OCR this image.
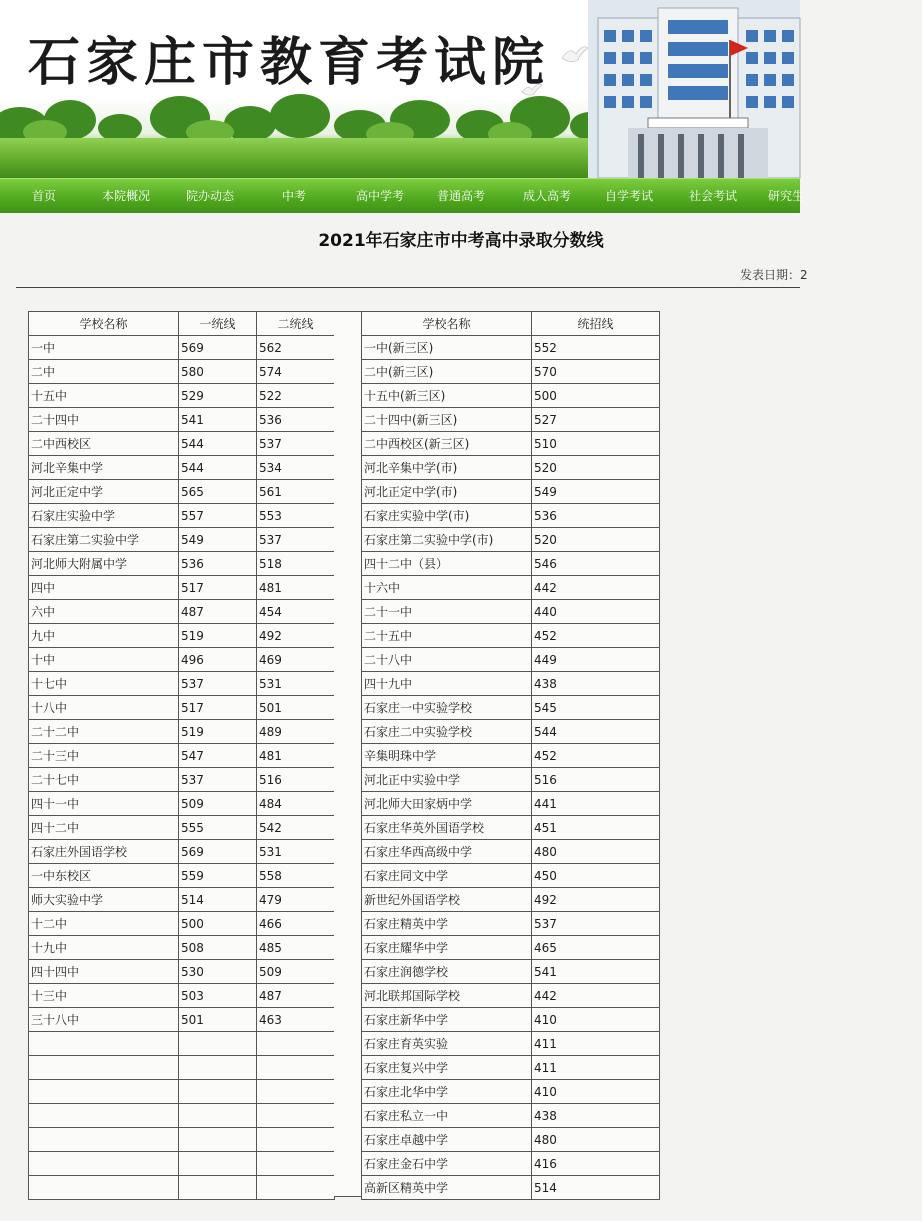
石家庄市教育考试院
首页	本院概况	院办动态	中考	高中学考	普通高考	成人高考	自学考试	社会考试	研究生
2021年石家庄市中考高中录取分数线
发表日期：2
学校名称	一统线	二统线
一中	569	562
二中	580	574
十五中	529	522
二十四中	541	536
二中西校区	544	537
河北辛集中学	544	534
河北正定中学	565	561
石家庄实验中学	557	553
石家庄第二实验中学	549	537
河北师大附属中学	536	518
四中	517	481
六中	487	454
九中	519	492
十中	496	469
十七中	537	531
十八中	517	501
二十二中	519	489
二十三中	547	481
二十七中	537	516
四十一中	509	484
四十二中	555	542
石家庄外国语学校	569	531
一中东校区	559	558
师大实验中学	514	479
十二中	500	466
十九中	508	485
四十四中	530	509
十三中	503	487
三十八中	501	463

学校名称	统招线
一中(新三区)	552
二中(新三区)	570
十五中(新三区)	500
二十四中(新三区)	527
二中西校区(新三区)	510
河北辛集中学(市)	520
河北正定中学(市)	549
石家庄实验中学(市)	536
石家庄第二实验中学(市)	520
四十二中（县）	546
十六中	442
二十一中	440
二十五中	452
二十八中	449
四十九中	438
石家庄一中实验学校	545
石家庄二中实验学校	544
辛集明珠中学	452
河北正中实验中学	516
河北师大田家炳中学	441
石家庄华英外国语学校	451
石家庄华西高级中学	480
石家庄同文中学	450
新世纪外国语学校	492
石家庄精英中学	537
石家庄耀华中学	465
石家庄润德学校	541
河北联邦国际学校	442
石家庄新华中学	410
石家庄育英实验	411
石家庄复兴中学	411
石家庄北华中学	410
石家庄私立一中	438
石家庄卓越中学	480
石家庄金石中学	416
高新区精英中学	514
